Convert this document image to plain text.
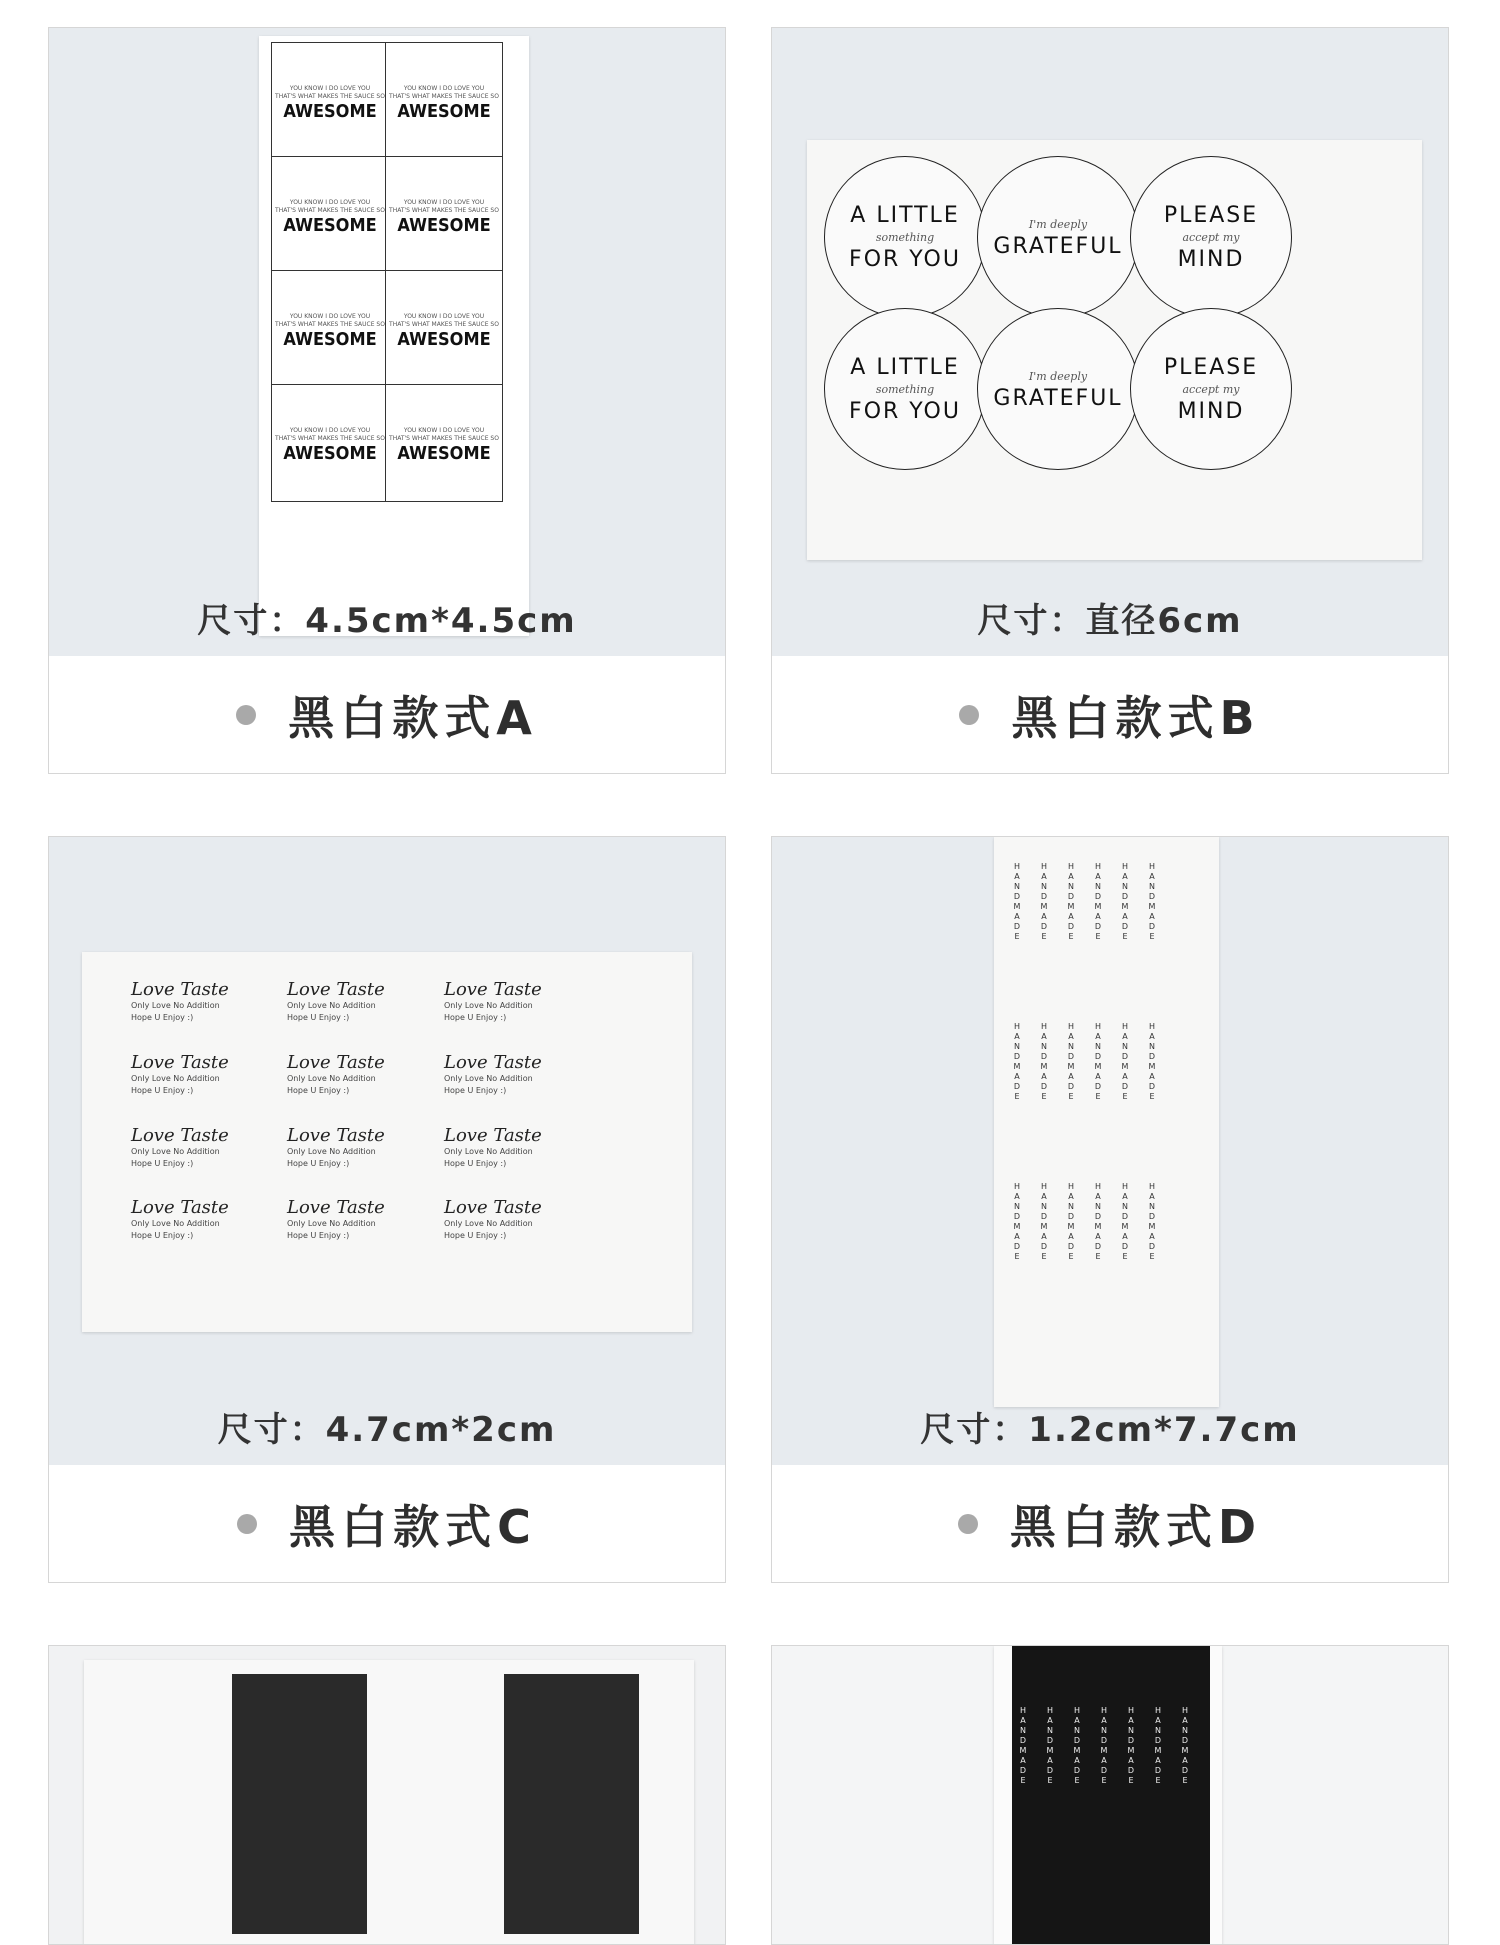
YOU KNOW I DO LOVE YOU
THAT'S WHAT MAKES THE SAUCE SO
AWESOME
YOU KNOW I DO LOVE YOU
THAT'S WHAT MAKES THE SAUCE SO
AWESOME
YOU KNOW I DO LOVE YOU
THAT'S WHAT MAKES THE SAUCE SO
AWESOME
YOU KNOW I DO LOVE YOU
THAT'S WHAT MAKES THE SAUCE SO
AWESOME
YOU KNOW I DO LOVE YOU
THAT'S WHAT MAKES THE SAUCE SO
AWESOME
YOU KNOW I DO LOVE YOU
THAT'S WHAT MAKES THE SAUCE SO
AWESOME
YOU KNOW I DO LOVE YOU
THAT'S WHAT MAKES THE SAUCE SO
AWESOME
YOU KNOW I DO LOVE YOU
THAT'S WHAT MAKES THE SAUCE SO
AWESOME
尺寸：4.5cm*4.5cm
黑白款式A
A LITTLE
something
FOR YOU
I'm deeply
GRATEFUL
PLEASE
accept my
MIND
A LITTLE
something
FOR YOU
I'm deeply
GRATEFUL
PLEASE
accept my
MIND
尺寸：直径6cm
黑白款式B
Love Taste
Only Love No Addition
Hope U Enjoy :)
Love Taste
Only Love No Addition
Hope U Enjoy :)
Love Taste
Only Love No Addition
Hope U Enjoy :)
Love Taste
Only Love No Addition
Hope U Enjoy :)
Love Taste
Only Love No Addition
Hope U Enjoy :)
Love Taste
Only Love No Addition
Hope U Enjoy :)
Love Taste
Only Love No Addition
Hope U Enjoy :)
Love Taste
Only Love No Addition
Hope U Enjoy :)
Love Taste
Only Love No Addition
Hope U Enjoy :)
Love Taste
Only Love No Addition
Hope U Enjoy :)
Love Taste
Only Love No Addition
Hope U Enjoy :)
Love Taste
Only Love No Addition
Hope U Enjoy :)
尺寸：4.7cm*2cm
黑白款式C
H
A
N
D
M
A
D
E
H
A
N
D
M
A
D
E
H
A
N
D
M
A
D
E
H
A
N
D
M
A
D
E
H
A
N
D
M
A
D
E
H
A
N
D
M
A
D
E
H
A
N
D
M
A
D
E
H
A
N
D
M
A
D
E
H
A
N
D
M
A
D
E
H
A
N
D
M
A
D
E
H
A
N
D
M
A
D
E
H
A
N
D
M
A
D
E
H
A
N
D
M
A
D
E
H
A
N
D
M
A
D
E
H
A
N
D
M
A
D
E
H
A
N
D
M
A
D
E
H
A
N
D
M
A
D
E
H
A
N
D
M
A
D
E
尺寸：1.2cm*7.7cm
黑白款式D
H
A
N
D
M
A
D
E
H
A
N
D
M
A
D
E
H
A
N
D
M
A
D
E
H
A
N
D
M
A
D
E
H
A
N
D
M
A
D
E
H
A
N
D
M
A
D
E
H
A
N
D
M
A
D
E
